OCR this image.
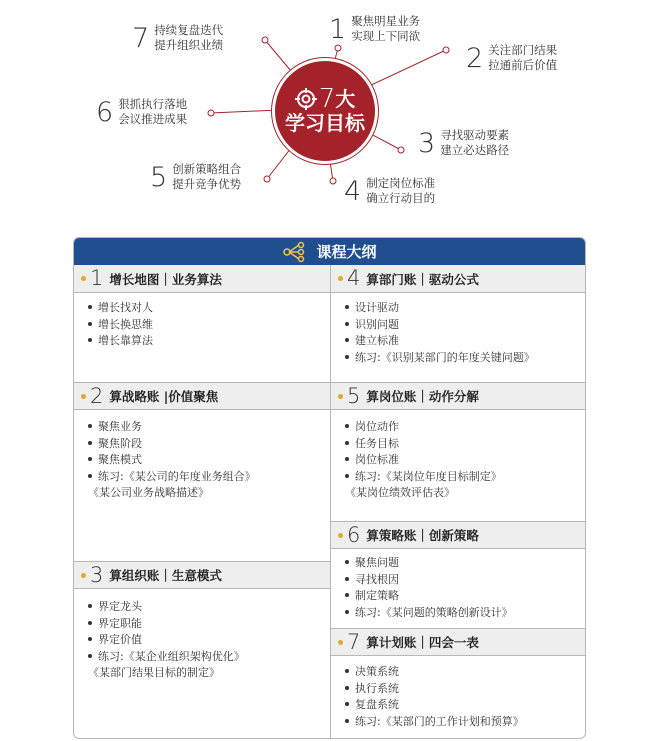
7 大
学习目标
1 聚焦明星业务
实现上下同欲
2 关注部门结果
拉通前后价值
3 寻找驱动要素
建立必达路径
4 制定岗位标准
确立行动目的
5 创新策略组合
提升竞争优势
6 狠抓执行落地
会议推进成果
7 持续复盘迭代
提升组织业绩
课程大纲
1 增长地图｜业务算法
增长找对人
增长换思维
增长靠算法
2 算战略账 |价值聚焦
聚焦业务
聚焦阶段
聚焦模式
练习:《某公司的年度业务组合》
《某公司业务战略描述》
3 算组织账｜生意模式
界定龙头
界定职能
界定价值
练习:《某企业组织架构优化》
《某部门结果目标的制定》
4 算部门账｜驱动公式
设计驱动
识别问题
建立标准
练习:《识别某部门的年度关键问题》
5 算岗位账｜动作分解
岗位动作
任务目标
岗位标准
练习:《某岗位年度目标制定》
《某岗位绩效评估表》
6 算策略账｜创新策略
聚焦问题
寻找根因
制定策略
练习:《某问题的策略创新设计》
7 算计划账｜四会一表
决策系统
执行系统
复盘系统
练习:《某部门的工作计划和预算》
